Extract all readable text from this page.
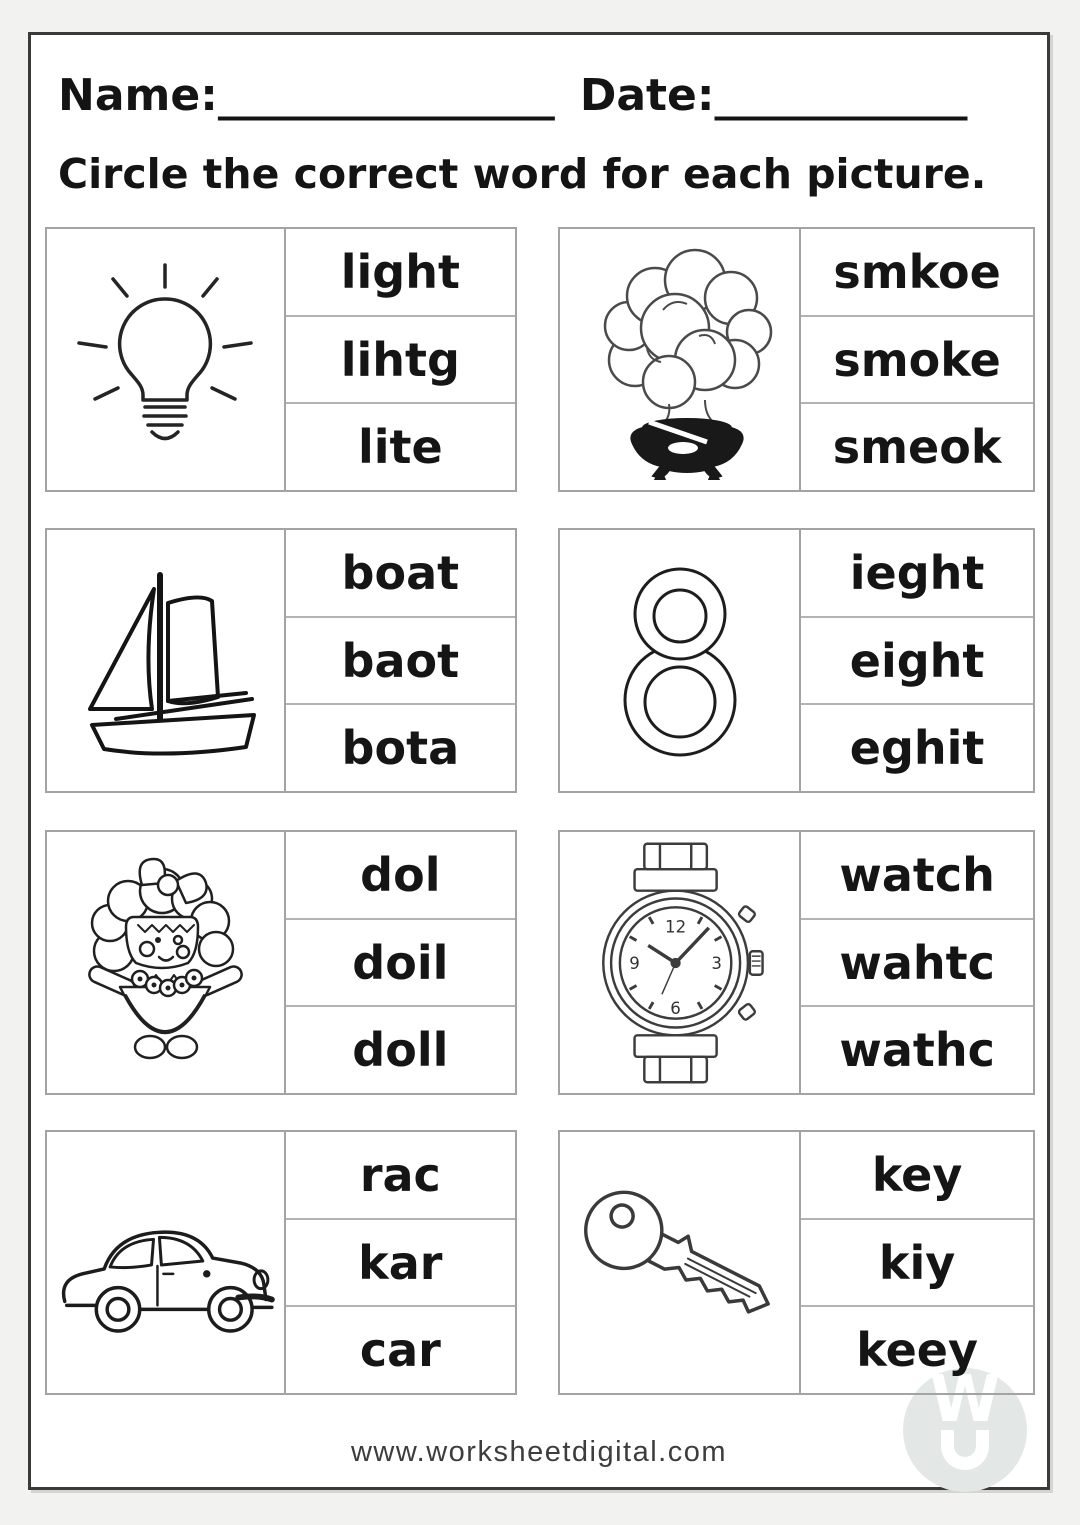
W
Name:________________ Date:____________
Circle the correct word for each picture.
light
lihtg
lite
smkoe
smoke
smeok
boat
baot
bota
ieght
eight
eghit
dol
doil
doll
12
3
6
9
watch
wahtc
wathc
rac
kar
car
key
kiy
keey
www.worksheetdigital.com
